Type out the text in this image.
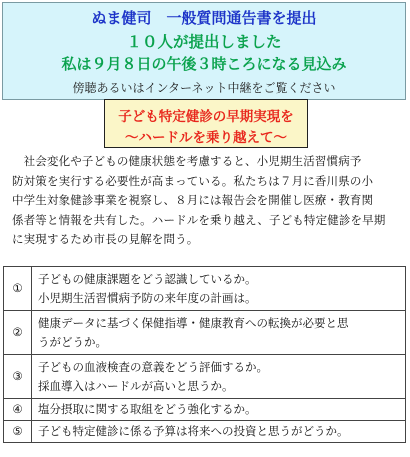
ぬま健司　一般質問通告書を提出
１０人が提出しました
私は９月８日の午後３時ころになる見込み
傍聴あるいはインターネット中継をご覧ください
子ども特定健診の早期実現を
～ハードルを乗り越えて～
　社会変化や子どもの健康状態を考慮すると、小児期生活習慣病予
防対策を実行する必要性が高まっている。私たちは７月に香川県の小
中学生対象健診事業を視察し、８月には報告会を開催し医療・教育関
係者等と情報を共有した。ハードルを乗り越え、子ども特定健診を早期
に実現するため市長の見解を問う。
①	子どもの健康課題をどう認識しているか。
小児期生活習慣病予防の来年度の計画は。

②	健康データに基づく保健指導・健康教育への転換が必要と思
うがどうか。

③	子どもの血液検査の意義をどう評価するか。
採血導入はハードルが高いと思うか。

④	塩分摂取に関する取組をどう強化するか。

⑤	子ども特定健診に係る予算は将来への投資と思うがどうか。
